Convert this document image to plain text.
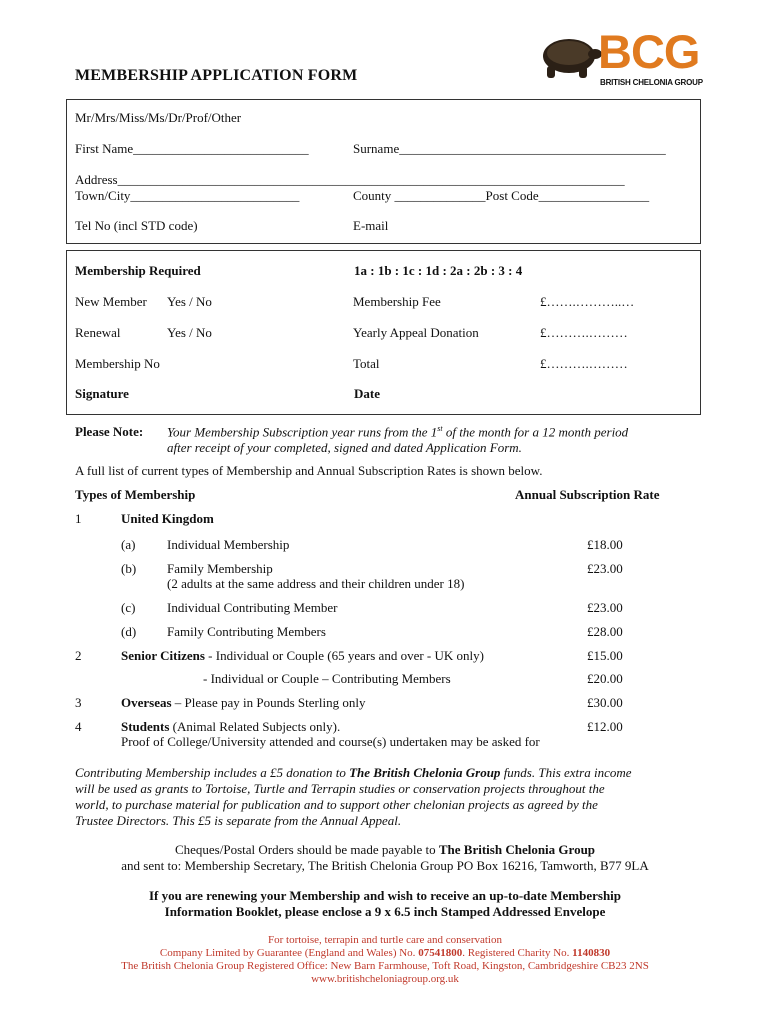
BCG
BRITISH CHELONIA GROUP
MEMBERSHIP APPLICATION FORM
Mr/Mrs/Miss/Ms/Dr/Prof/Other
First Name___________________________	Surname_________________________________________
Address______________________________________________________________________________
Town/City__________________________	County ______________Post Code_________________
Tel No (incl STD code)	E-mail
Membership Required	1a : 1b : 1c : 1d : 2a : 2b : 3 : 4
New Member Yes / No	Membership Fee	£…….………..…
Renewal	Yes / No	Yearly Appeal Donation	£……….………
Membership No	Total	£……….………
Signature	Date
Please Note: Your Membership Subscription year runs from the 1st of the month for a 12 month period
after receipt of your completed, signed and dated Application Form.
A full list of current types of Membership and Annual Subscription Rates is shown below.
Types of Membership	Annual Subscription Rate
1	United Kingdom
(a) Individual Membership	£18.00
(b) Family Membership
(2 adults at the same address and their children under 18)
£23.00
(c) Individual Contributing Member	£23.00
(d) Family Contributing Members	£28.00
2	Senior Citizens - Individual or Couple (65 years and over - UK only)	£15.00
- Individual or Couple – Contributing Members	£20.00
3	Overseas – Please pay in Pounds Sterling only	£30.00
4	Students (Animal Related Subjects only).	£12.00
Proof of College/University attended and course(s) undertaken may be asked for
Contributing Membership includes a £5 donation to The British Chelonia Group funds. This extra income
will be used as grants to Tortoise, Turtle and Terrapin studies or conservation projects throughout the
world, to purchase material for publication and to support other chelonian projects as agreed by the
Trustee Directors. This £5 is separate from the Annual Appeal.
Cheques/Postal Orders should be made payable to The British Chelonia Group
and sent to: Membership Secretary, The British Chelonia Group PO Box 16216, Tamworth, B77 9LA
If you are renewing your Membership and wish to receive an up-to-date Membership
Information Booklet, please enclose a 9 x 6.5 inch Stamped Addressed Envelope
For tortoise, terrapin and turtle care and conservation
Company Limited by Guarantee (England and Wales) No. 07541800. Registered Charity No. 1140830
The British Chelonia Group Registered Office: New Barn Farmhouse, Toft Road, Kingston, Cambridgeshire CB23 2NS
www.britishcheloniagroup.org.uk
